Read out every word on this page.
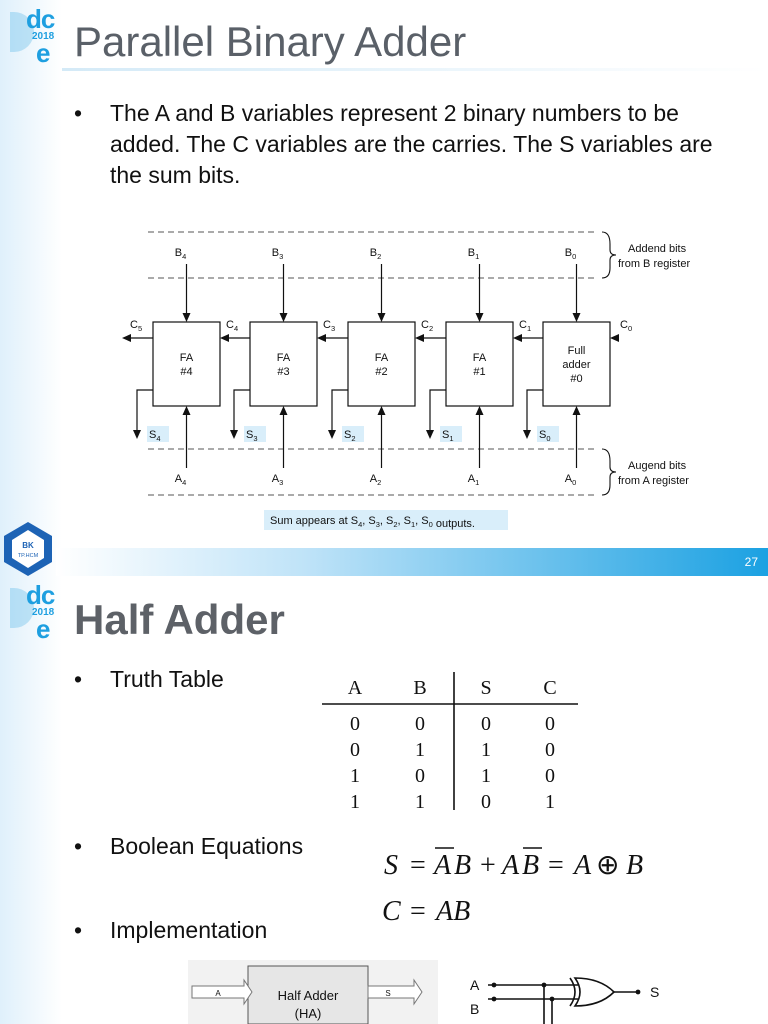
dc
2018
e Parallel Binary Adder
• The A and B variables represent 2 binary numbers to be added. The C variables are the carries. The S variables are the sum bits.
FA
#4
$B_4$
$A_4$
$S_4$
FA
#3
$B_3$
$A_3$
$S_3$
FA
#2
$B_2$
$A_2$
$S_2$
FA
#1
$B_1$
$A_1$
$S_1$
Full
adder
#0
$B_0$
$A_0$
$S_0$
$C_0$
$C_4$	$C_3$	$C_2$	$C_1$
$C_5$
Addend bits
from B register
Augend bits
from A register
Sum appears at $S_4$, $S_3$, $S_2$, $S_1$, $S_0$ outputs.
BK
TP.HCM	27
dc
2018
e Half Adder
• Truth Table
• Boolean Equations
• Implementation
A	B	S	C
0	0	0	0
0	1	1	0
1	0	1	0
1	1	0	1
S = A B + A B = A ⊕ B
C = AB
A	S
Half Adder
(HA)
A
B
S
